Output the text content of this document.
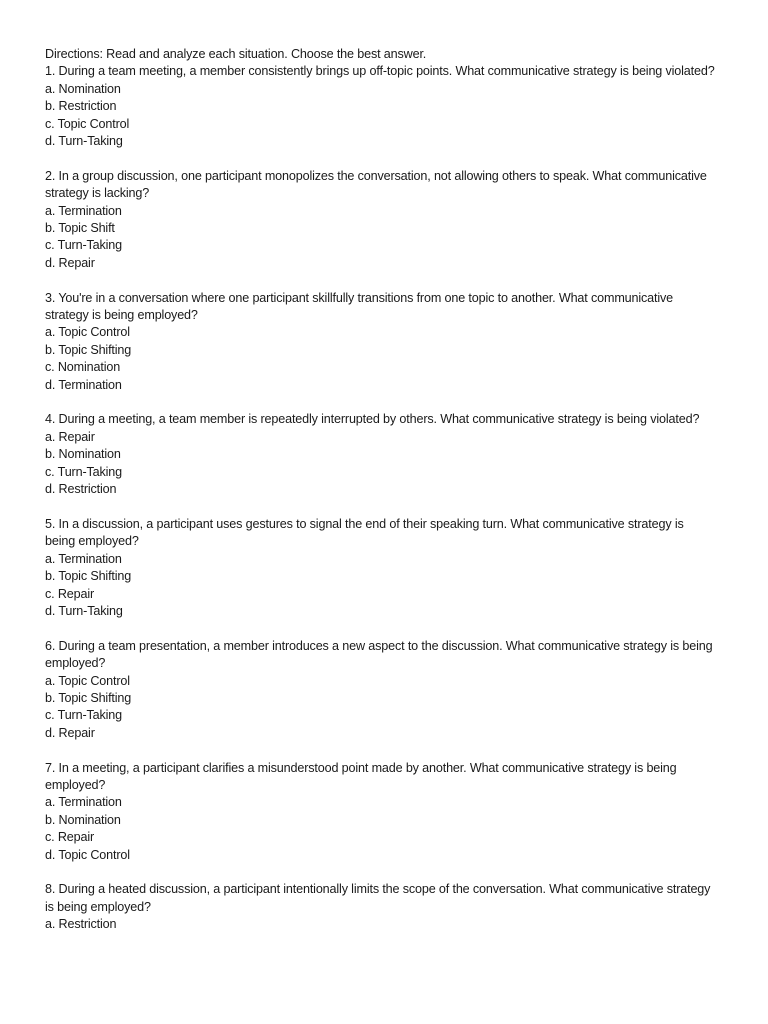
Directions: Read and analyze each situation. Choose the best answer.
1. During a team meeting, a member consistently brings up off-topic points. What communicative strategy is being violated?
a. Nomination
b. Restriction
c. Topic Control
d. Turn-Taking
2. In a group discussion, one participant monopolizes the conversation, not allowing others to speak. What communicative strategy is lacking?
a. Termination
b. Topic Shift
c. Turn-Taking
d. Repair
3. You're in a conversation where one participant skillfully transitions from one topic to another. What communicative strategy is being employed?
a. Topic Control
b. Topic Shifting
c. Nomination
d. Termination
4. During a meeting, a team member is repeatedly interrupted by others. What communicative strategy is being violated?
a. Repair
b. Nomination
c. Turn-Taking
d. Restriction
5. In a discussion, a participant uses gestures to signal the end of their speaking turn. What communicative strategy is being employed?
a. Termination
b. Topic Shifting
c. Repair
d. Turn-Taking
6. During a team presentation, a member introduces a new aspect to the discussion. What communicative strategy is being employed?
a. Topic Control
b. Topic Shifting
c. Turn-Taking
d. Repair
7. In a meeting, a participant clarifies a misunderstood point made by another. What communicative strategy is being employed?
a. Termination
b. Nomination
c. Repair
d. Topic Control
8. During a heated discussion, a participant intentionally limits the scope of the conversation. What communicative strategy is being employed?
a. Restriction
